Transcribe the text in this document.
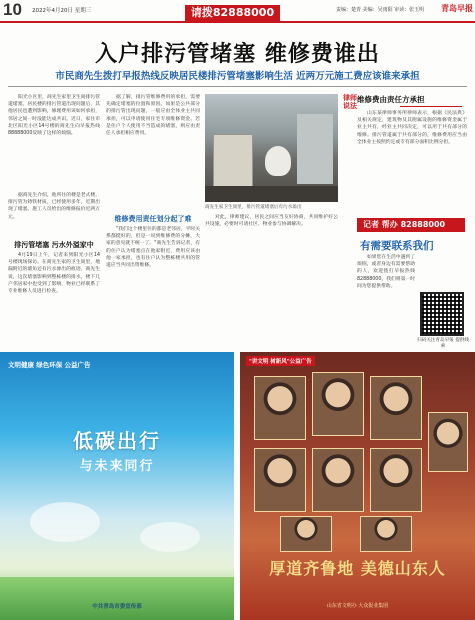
10 2022年4月20日 星期三	请拨82888000	责编：楚青 美编：吴雨阳 审读：张玉明 青岛早报
入户排污管堵塞 维修费谁出
市民商先生拨打早报热线反映居民楼排污管堵塞影响生活 近两万元施工费应该谁来承担
阳光小区里，商先生家里卫生间排污管道堵塞，居民楼的排污管道出现问题后，其他居民也遭到影响，修理费用该如何承担，邻居之间一时没能达成共识。近日，家住市北区阳光小区14号楼的商先生向早报热线88888000反映了这样的烦恼。
据商先生介绍，他所住的楼是老式楼，排污管为铸铁材质，已经使用多年，近期出现了堵塞。施工人员给出的维修报价近两万元。
排污管堵塞 污水外溢家中
4月19日上午，记者来到阳光小区14号楼现场探访。在商先生家的卫生间里，地漏附近的墙角还有污水渗出的痕迹，商先生说，这次堵塞影响到整栋楼的排水，楼下几户邻居家中也受到了影响，物业已经联系了专业维修人员进行检查。
据了解，排污管维修费用的承担，需要先确定堵塞的位置和原因。如果是公共部分的排污管出现问题，一般应由全体业主共同承担，可以申请使用住宅专项维修资金。若是住户个人使用不当造成的堵塞，则应由责任人承担相应费用。
维修费用责任划分起了难
"我们这个楼里住的都是老邻居，平时关系都挺好的，但是一说到维修费的分摊，大家的意见就不统一了。"商先生告诉记者，有的住户认为堵塞点在他家附近，费用应该由他一家承担，也有住户认为整栋楼共用的管道应当共同出资维修。
商先生家卫生间里，排污管道堵塞后有污水溢出
对此，律师建议，居民之间应当友好协商，共同维护好公共设施，必要时可请社区、物业参与协调解决。
律师说法
维修费由责任方承担
山东某律师事务所律师表示，根据《民法典》及相关规定，建筑物及其附属设施的维修资金属于业主共有，经业主共同决定，可以用于共有部分的维修。排污管道属于共有部分的，维修费用应当由全体业主按照约定或专有部分面积比例分担。
记者 帮办 82888000
有需要联系我们
如果您在生活中遇到了烦恼，或者身边有需要帮助的人，欢迎拨打早报热线82888000，我们将第一时间为您提供帮助。
扫码关注青岛早报 提供线索
文明健康 绿色环保 公益广告
低碳出行
与未来同行
中共青岛市委宣传部
"讲文明 树新风"公益广告
厚道齐鲁地 美德山东人
山东省文明办 大众报业集团
